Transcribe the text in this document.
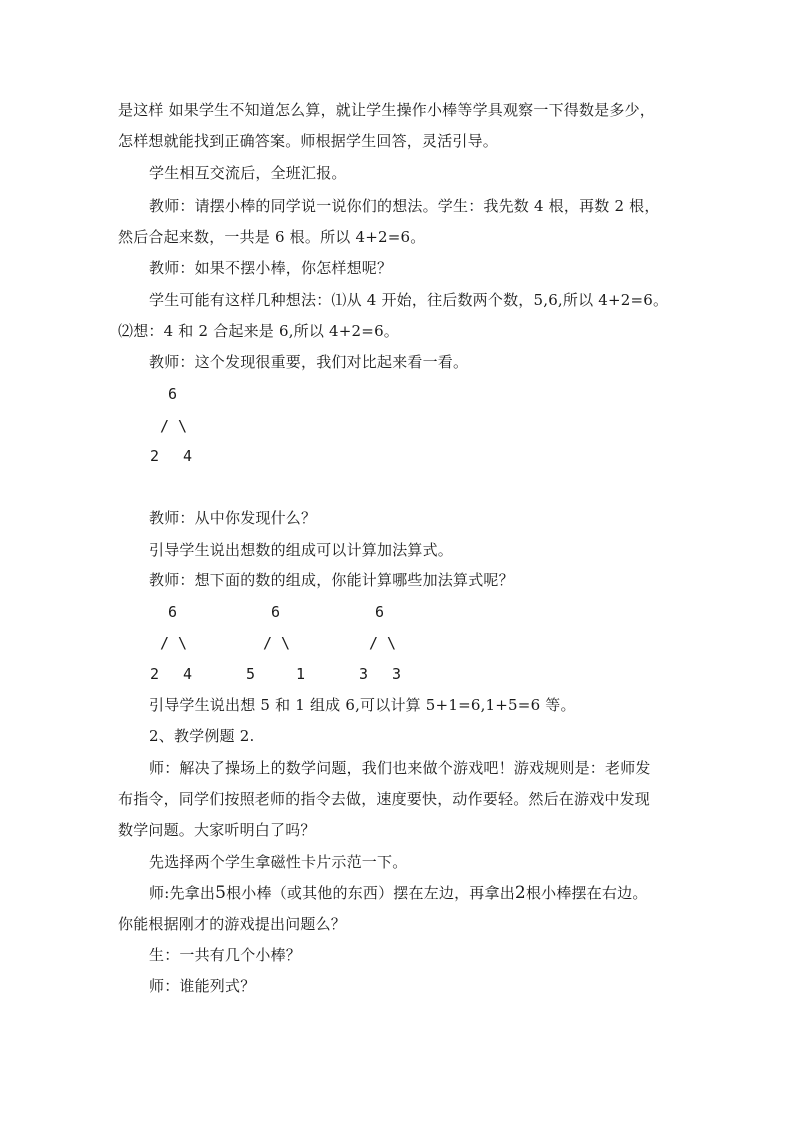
是这样 如果学生不知道怎么算，就让学生操作小棒等学具观察一下得数是多少，
怎样想就能找到正确答案。师根据学生回答，灵活引导。
学生相互交流后，全班汇报。
教师：请摆小棒的同学说一说你们的想法。学生：我先数 4 根，再数 2 根，
然后合起来数，一共是 6 根。所以 4+2=6。
教师：如果不摆小棒，你怎样想呢？
学生可能有这样几种想法：⑴从 4 开始，往后数两个数，5,6,所以 4+2=6。
⑵想：4 和 2 合起来是 6,所以 4+2=6。
教师：这个发现很重要，我们对比起来看一看。
6
/ \
2 4
教师：从中你发现什么？
引导学生说出想数的组成可以计算加法算式。
教师：想下面的数的组成，你能计算哪些加法算式呢？
6
/ \
2 4
6
/ \
5	1
6
/ \
3 3
引导学生说出想 5 和 1 组成 6,可以计算 5+1=6,1+5=6 等。
2、教学例题 2.
师：解决了操场上的数学问题，我们也来做个游戏吧！游戏规则是：老师发
布指令，同学们按照老师的指令去做，速度要快，动作要轻。然后在游戏中发现
数学问题。大家听明白了吗？
先选择两个学生拿磁性卡片示范一下。
师:先拿出5根小棒（或其他的东西）摆在左边，再拿出2根小棒摆在右边。
你能根据刚才的游戏提出问题么？
生：一共有几个小棒？
师：谁能列式？
